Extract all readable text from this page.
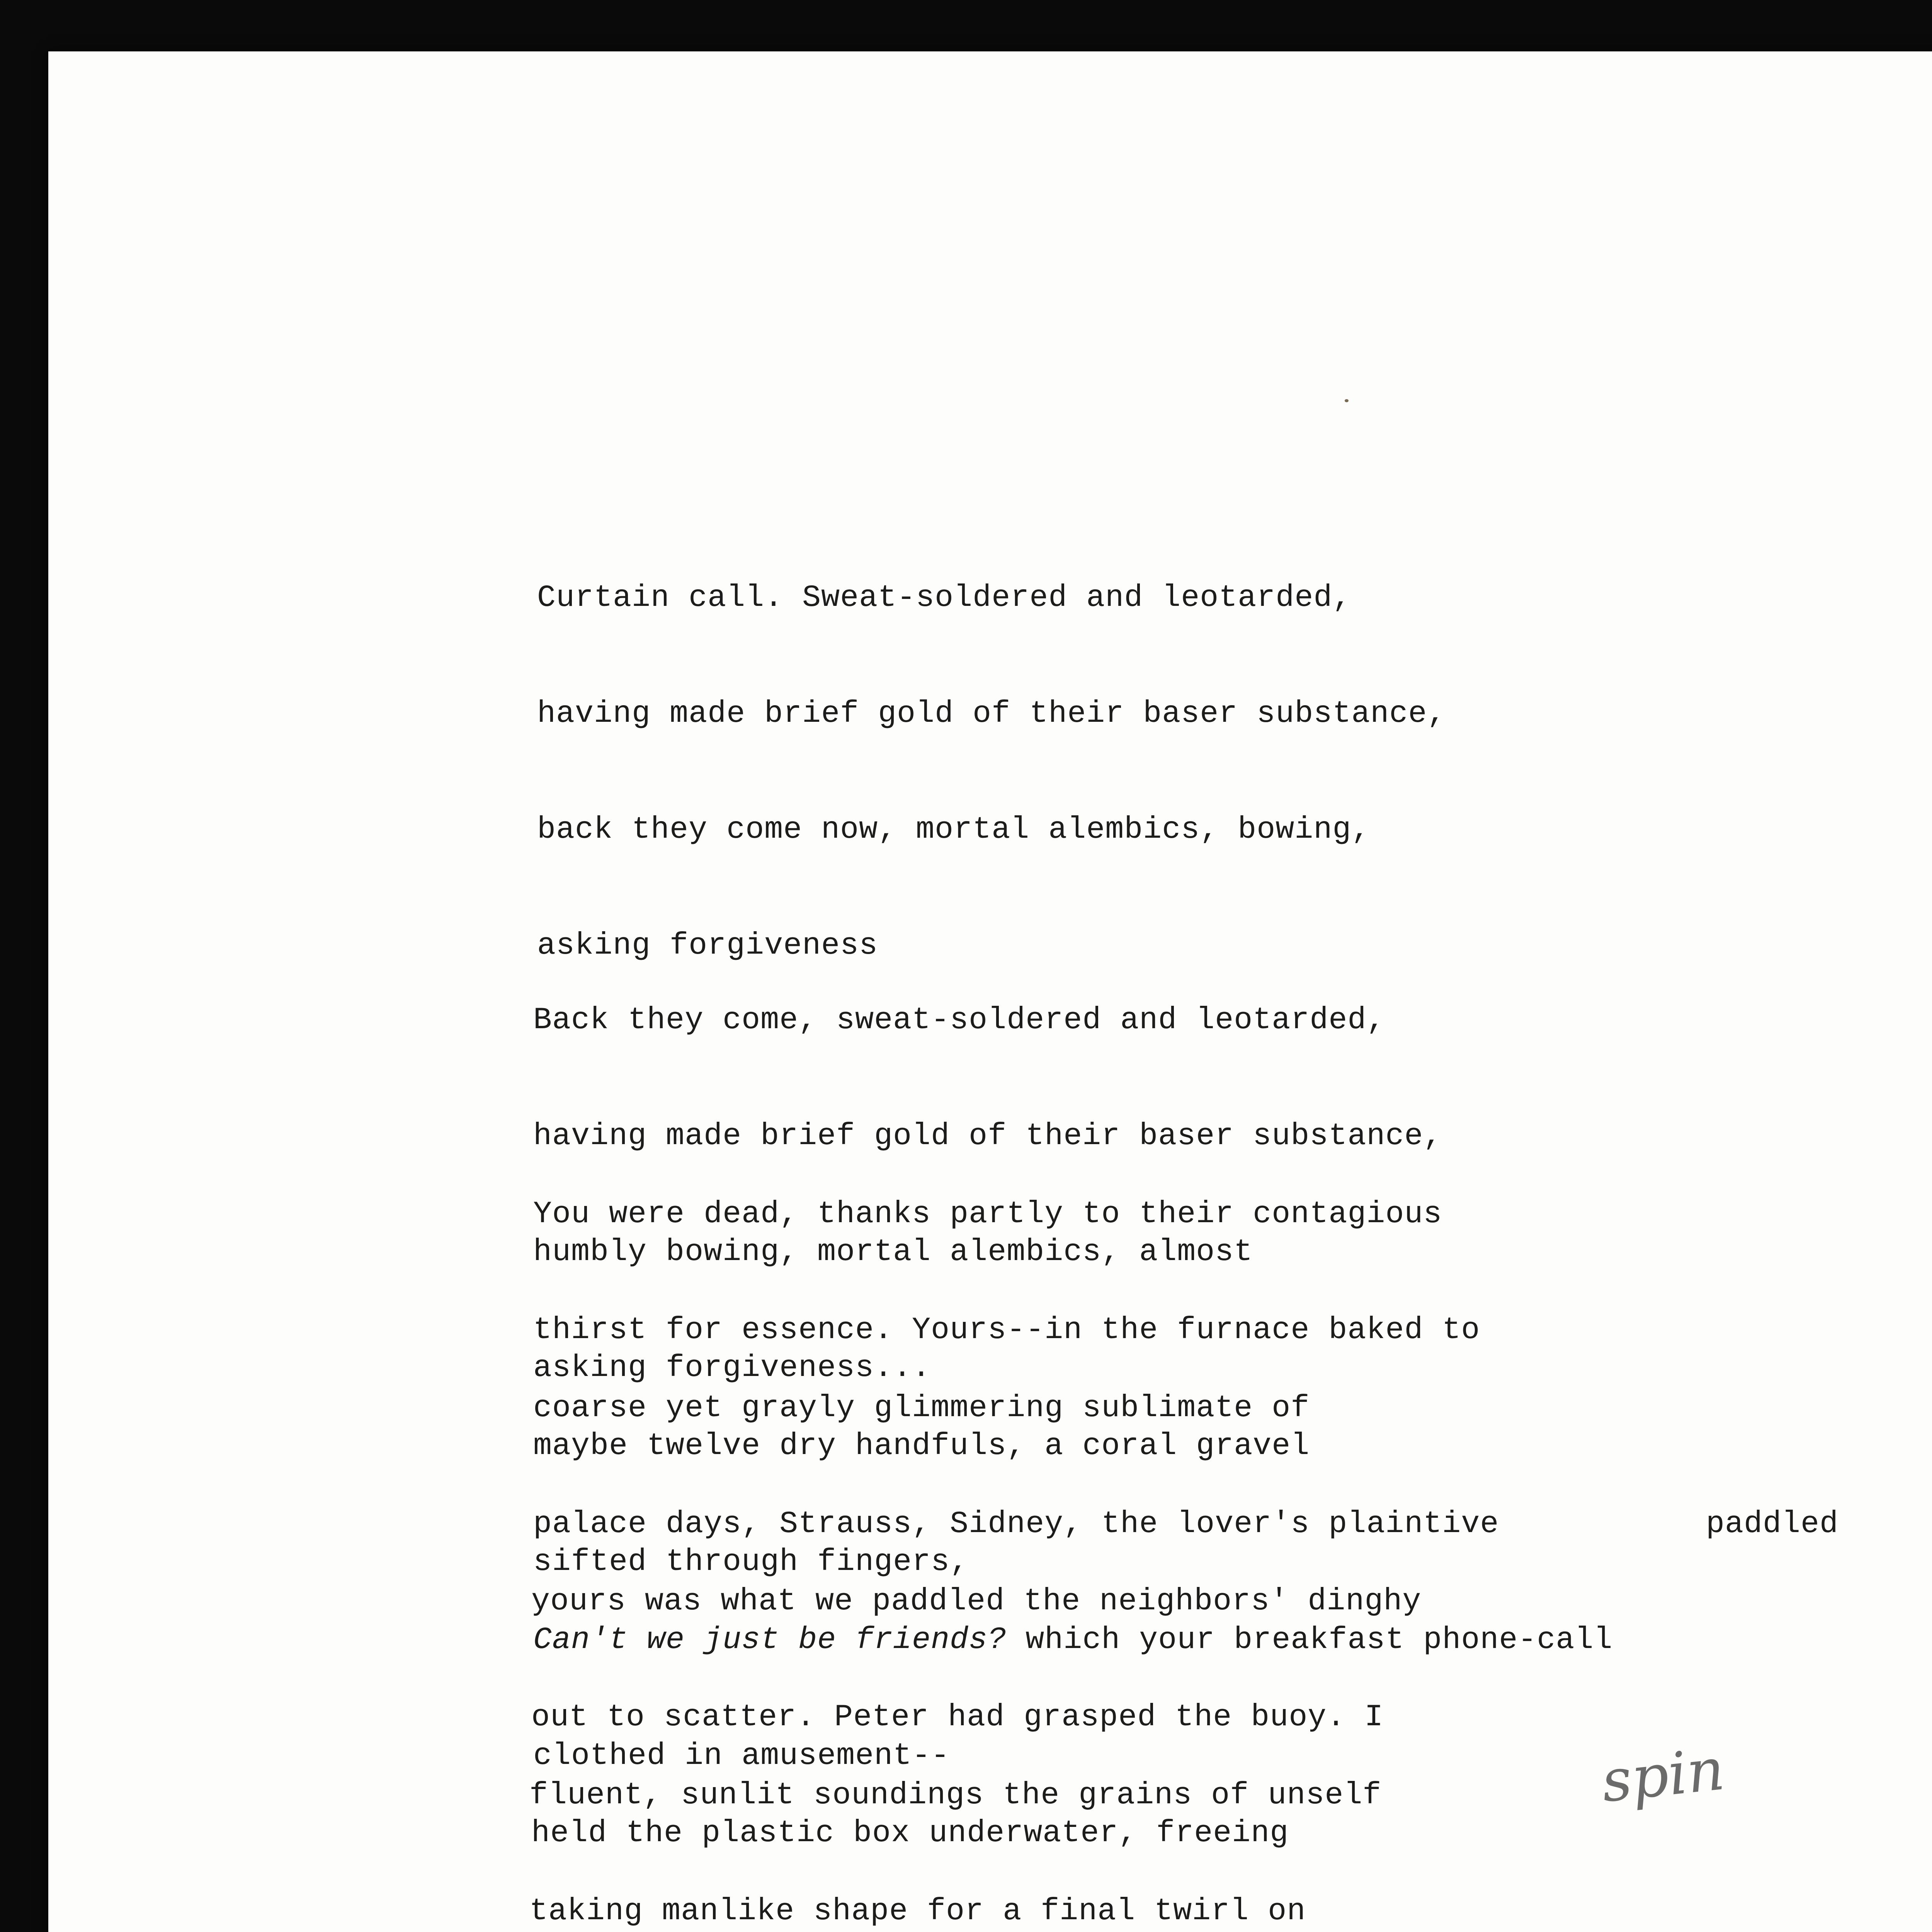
Curtain call. Sweat-soldered and leotarded,

having made brief gold of their baser substance,

back they come now, mortal alembics, bowing,

asking forgiveness

Back they come, sweat-soldered and leotarded,

having made brief gold of their baser substance,

humbly bowing, mortal alembics, almost

asking forgiveness...

You were dead, thanks partly to their contagious

thirst for essence. Yours--in the furnace baked to

maybe twelve dry handfuls, a coral gravel

sifted through fingers,

coarse yet grayly glimmering sublimate of

palace days, Strauss, Sidney, the lover's plaintive

Can't we just be friends? which your breakfast phone-call

clothed in amusement--

yours was what we paddled the neighbors' dinghy

out to scatter. Peter had grasped the buoy. I

held the plastic box underwater, freeing

paddled

fluent, sunlit soundings the grains of unself

taking manlike shape for a final twirl on

spin
